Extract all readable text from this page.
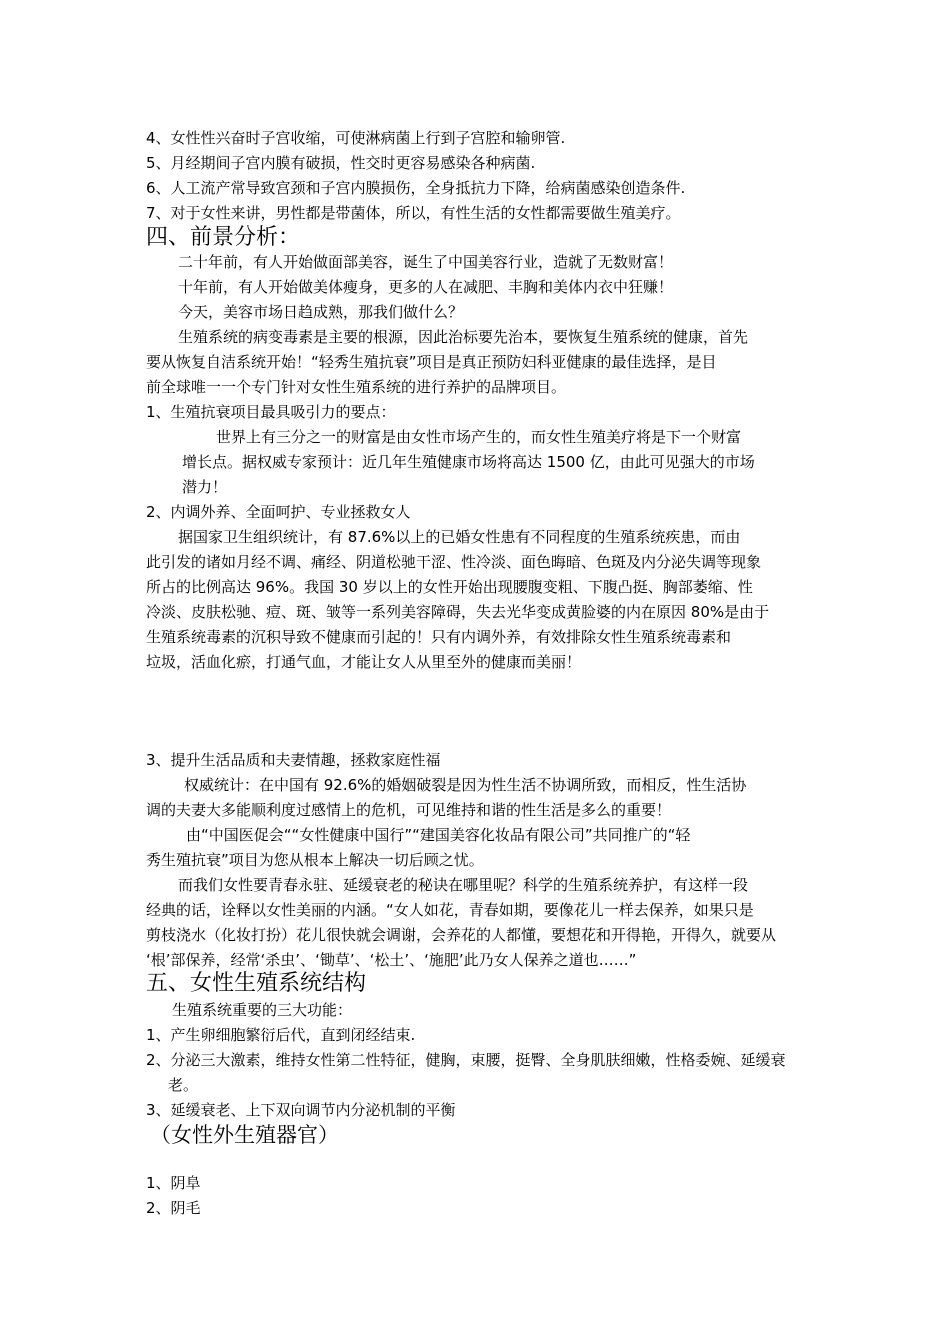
4、女性性兴奋时子宫收缩，可使淋病菌上行到子宫腔和输卵管.

5、月经期间子宫内膜有破损，性交时更容易感染各种病菌.

6、人工流产常导致宫颈和子宫内膜损伤，全身抵抗力下降，给病菌感染创造条件.

7、对于女性来讲，男性都是带菌体，所以，有性生活的女性都需要做生殖美疗。

四、前景分析：

二十年前，有人开始做面部美容，诞生了中国美容行业，造就了无数财富！

十年前，有人开始做美体瘦身，更多的人在减肥、丰胸和美体内衣中狂赚！

今天，美容市场日趋成熟，那我们做什么？

生殖系统的病变毒素是主要的根源，因此治标要先治本，要恢复生殖系统的健康，首先

要从恢复自洁系统开始！“轻秀生殖抗衰”项目是真正预防妇科亚健康的最佳选择，是目

前全球唯一一个专门针对女性生殖系统的进行养护的品牌项目。

1、生殖抗衰项目最具吸引力的要点：

世界上有三分之一的财富是由女性市场产生的，而女性生殖美疗将是下一个财富

增长点。据权威专家预计：近几年生殖健康市场将高达 1500 亿，由此可见强大的市场

潜力！

2、内调外养、全面呵护、专业拯救女人

据国家卫生组织统计，有 87.6%以上的已婚女性患有不同程度的生殖系统疾患，而由

此引发的诸如月经不调、痛经、阴道松驰干涩、性冷淡、面色晦暗、色斑及内分泌失调等现象

所占的比例高达 96%。我国 30 岁以上的女性开始出现腰腹变粗、下腹凸挺、胸部萎缩、性

冷淡、皮肤松驰、痘、斑、皱等一系列美容障碍，失去光华变成黄脸婆的内在原因 80%是由于

生殖系统毒素的沉积导致不健康而引起的！只有内调外养，有效排除女性生殖系统毒素和

垃圾，活血化瘀，打通气血，才能让女人从里至外的健康而美丽！

3、提升生活品质和夫妻情趣，拯救家庭性福

权威统计：在中国有 92.6%的婚姻破裂是因为性生活不协调所致，而相反，性生活协

调的夫妻大多能顺利度过感情上的危机，可见维持和谐的性生活是多么的重要！

由“中国医促会““女性健康中国行”“建国美容化妆品有限公司”共同推广的“轻

秀生殖抗衰”项目为您从根本上解决一切后顾之忧。

而我们女性要青春永驻、延缓衰老的秘诀在哪里呢？科学的生殖系统养护，有这样一段

经典的话，诠释以女性美丽的内涵。“女人如花，青春如期，要像花儿一样去保养，如果只是

剪枝浇水（化妆打扮）花儿很快就会调谢，会养花的人都懂，要想花和开得艳，开得久，就要从

‘根’部保养，经常‘杀虫’、‘锄草’、‘松土’、‘施肥’此乃女人保养之道也……”

五、女性生殖系统结构

生殖系统重要的三大功能：

1、产生卵细胞繁衍后代，直到闭经结束.

2、分泌三大激素，维持女性第二性特征，健胸，束腰，挺臀、全身肌肤细嫩，性格委婉、延缓衰

老。

3、延缓衰老、上下双向调节内分泌机制的平衡

（女性外生殖器官）

1、阴阜

2、阴毛
